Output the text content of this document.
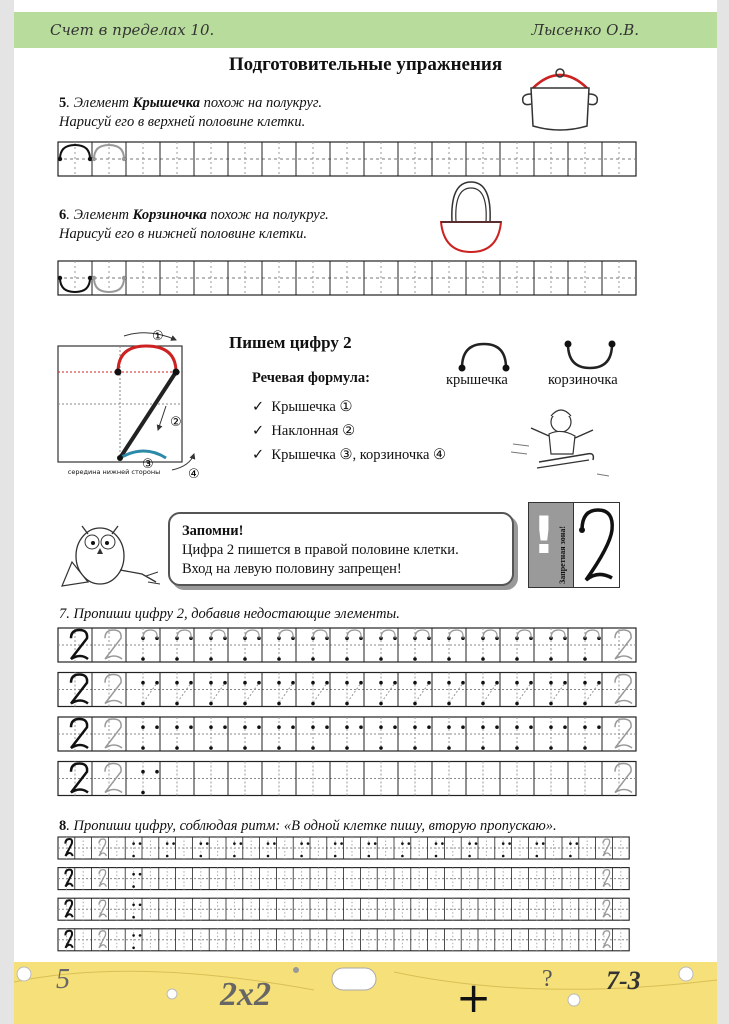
Счет в пределах 10.	Лысенко О.В.
Подготовительные упражнения
5. Элемент Крышечка похож на полукруг.
Нарисуй его в верхней половине клетки.
6. Элемент Корзиночка похож на полукруг.
Нарисуй его в нижней половине клетки.
①
②
③
④
середина нижней стороны
Пишем цифру 2
Речевая формула:
✓ Крышечка ①
✓ Наклонная ②
✓ Крышечка ③, корзиночка ④
крышечка	корзиночка
Запомни!
Цифра 2 пишется в правой половине клетки.
Вход на левую половину запрещен!
! Запретная зона!
7. Пропиши цифру 2, добавив недостающие элементы.
8. Пропиши цифру, соблюдая ритм: «В одной клетке пишу, вторую пропускаю».
5	2x2	+ ? 7-3
